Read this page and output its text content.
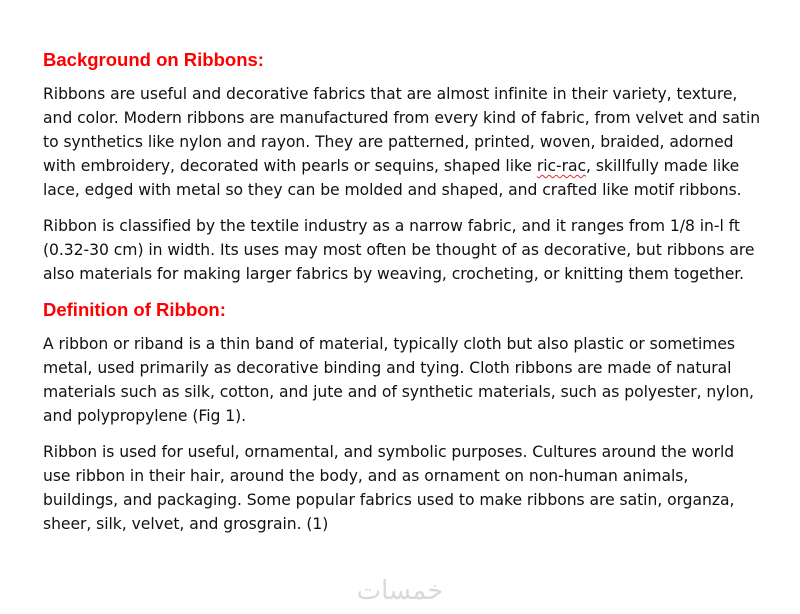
Background on Ribbons:

Ribbons are useful and decorative fabrics that are almost infinite in their variety, texture, and color. Modern ribbons are manufactured from every kind of fabric, from velvet and satin to synthetics like nylon and rayon. They are patterned, printed, woven, braided, adorned with embroidery, decorated with pearls or sequins, shaped like ric-rac, skillfully made like lace, edged with metal so they can be molded and shaped, and crafted like motif ribbons.

Ribbon is classified by the textile industry as a narrow fabric, and it ranges from 1/8 in-l ft (0.32-30 cm) in width. Its uses may most often be thought of as decorative, but ribbons are also materials for making larger fabrics by weaving, crocheting, or knitting them together.

Definition of Ribbon:

A ribbon or riband is a thin band of material, typically cloth but also plastic or sometimes metal, used primarily as decorative binding and tying. Cloth ribbons are made of natural materials such as silk, cotton, and jute and of synthetic materials, such as polyester, nylon, and polypropylene (Fig 1).

Ribbon is used for useful, ornamental, and symbolic purposes. Cultures around the world use ribbon in their hair, around the body, and as ornament on non-human animals, buildings, and packaging. Some popular fabrics used to make ribbons are satin, organza, sheer, silk, velvet, and grosgrain. (1)

خمسات
